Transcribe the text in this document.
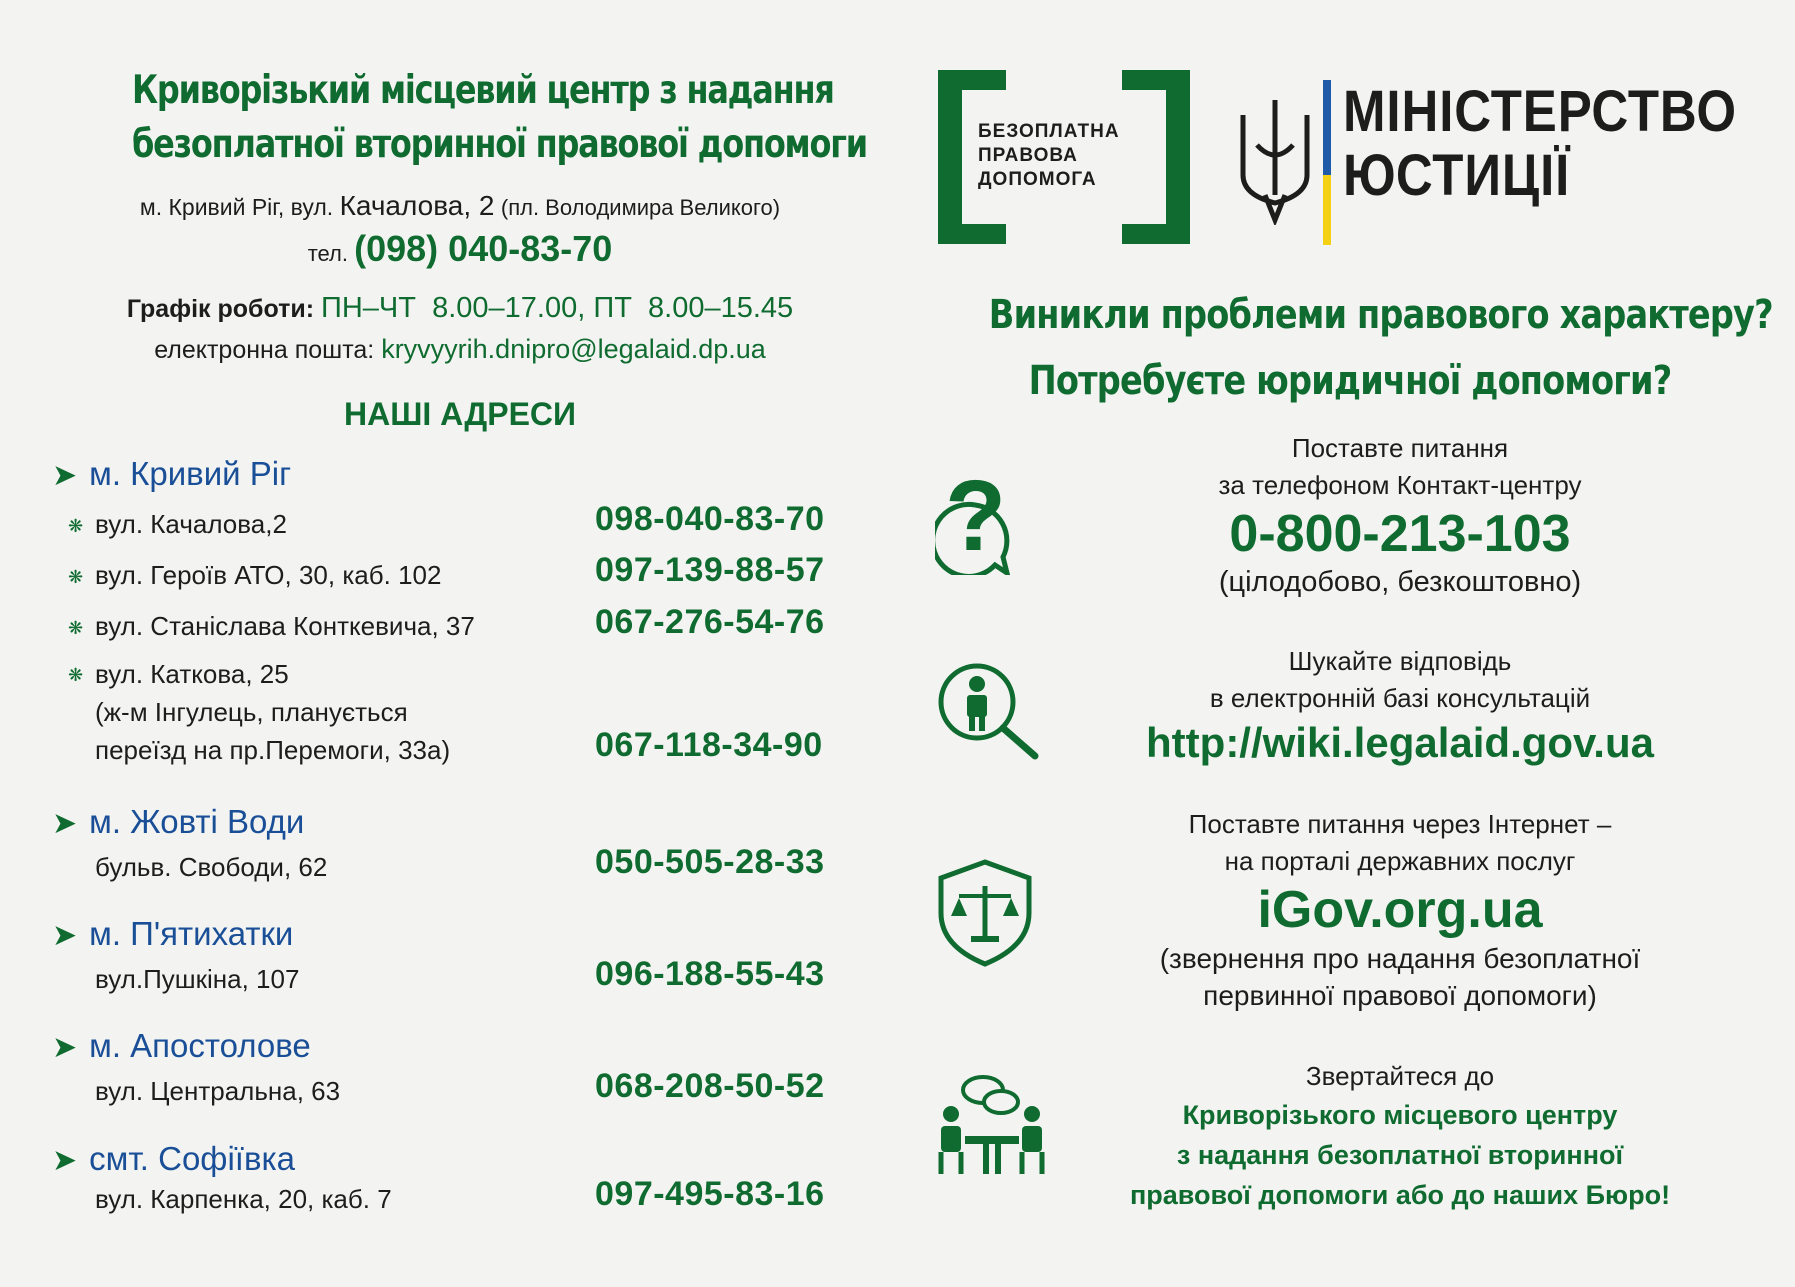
Криворізький місцевий центр з надання
безоплатної вторинної правової допомоги
м. Кривий Ріг, вул. Качалова, 2 (пл. Володимира Великого)
тел. (098) 040-83-70
Графік роботи: ПН–ЧТ  8.00–17.00, ПТ  8.00–15.45
електронна пошта: kryvyyrih.dnipro@legalaid.dp.ua
НАШІ АДРЕСИ
➤ м. Кривий Ріг
❋ вул. Качалова,2	098-040-83-70
❋ вул. Героїв АТО, 30, каб. 102	097-139-88-57
❋ вул. Станіслава Конткевича, 37	067-276-54-76
❋ вул. Каткова, 25
(ж-м Інгулець, планується
переїзд на пр.Перемоги, 33а)	067-118-34-90
➤ м. Жовті Води
бульв. Свободи, 62	050-505-28-33
➤ м. П'ятихатки
вул.Пушкіна, 107	096-188-55-43
➤ м. Апостолове
вул. Центральна, 63	068-208-50-52
➤ смт. Софіївка
вул. Карпенка, 20, каб. 7	097-495-83-16
БЕЗОПЛАТНА
ПРАВОВА
ДОПОМОГА
МІНІСТЕРСТВО
ЮСТИЦІЇ
Виникли проблеми правового характеру?
Потребуєте юридичної допомоги?
?
Поставте питання
за телефоном Контакт-центру
0-800-213-103
(цілодобово, безкоштовно)
Шукайте відповідь
в електронній базі консультацій
http://wiki.legalaid.gov.ua
Поставте питання через Інтернет –
на порталі державних послуг
iGov.org.ua
(звернення про надання безоплатної
первинної правової допомоги)
Звертайтеся до
Криворізького місцевого центру
з надання безоплатної вторинної
правової допомоги або до наших Бюро!
